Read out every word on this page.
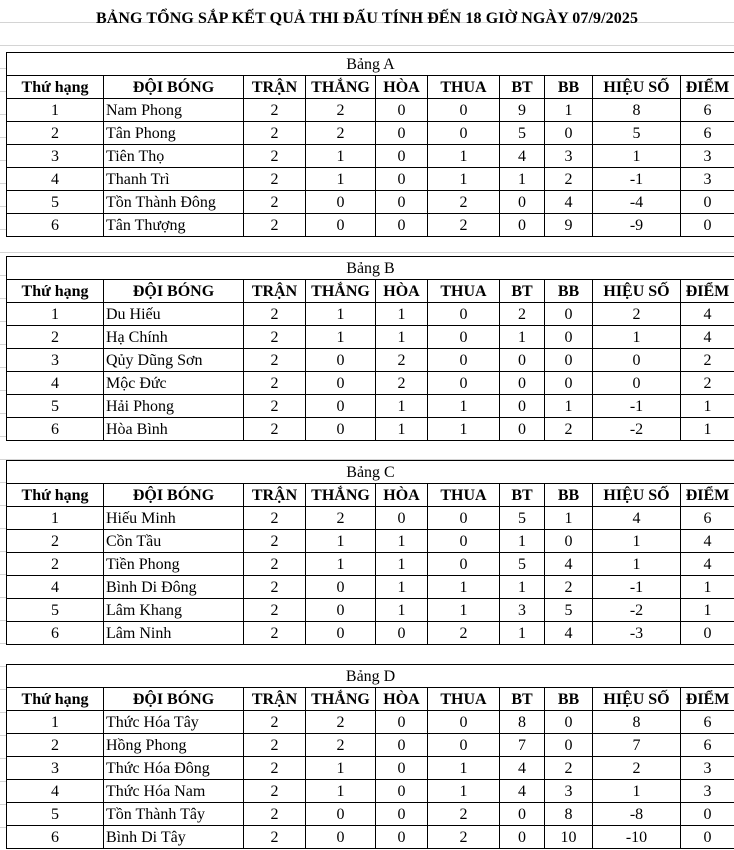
BẢNG TỔNG SẮP KẾT QUẢ THI ĐẤU TÍNH ĐẾN 18 GIỜ NGÀY 07/9/2025
Bảng A									
Thứ hạng	ĐỘI BÓNG	TRẬN	THẮNG	HÒA	THUA	BT	BB	HIỆU SỐ	ĐIỂM
1	Nam Phong	2	2	0	0	9	1	8	6
2	Tân Phong	2	2	0	0	5	0	5	6
3	Tiên Thọ	2	1	0	1	4	3	1	3
4	Thanh Trì	2	1	0	1	1	2	-1	3
5	Tồn Thành Đông	2	0	0	2	0	4	-4	0
6	Tân Thượng	2	0	0	2	0	9	-9	0
Bảng B									
Thứ hạng	ĐỘI BÓNG	TRẬN	THẮNG	HÒA	THUA	BT	BB	HIỆU SỐ	ĐIỂM
1	Du Hiếu	2	1	1	0	2	0	2	4
2	Hạ Chính	2	1	1	0	1	0	1	4
3	Qủy Dũng Sơn	2	0	2	0	0	0	0	2
4	Mộc Đức	2	0	2	0	0	0	0	2
5	Hải Phong	2	0	1	1	0	1	-1	1
6	Hòa Bình	2	0	1	1	0	2	-2	1
Bảng C									
Thứ hạng	ĐỘI BÓNG	TRẬN	THẮNG	HÒA	THUA	BT	BB	HIỆU SỐ	ĐIỂM
1	Hiếu Minh	2	2	0	0	5	1	4	6
2	Cồn Tầu	2	1	1	0	1	0	1	4
2	Tiền Phong	2	1	1	0	5	4	1	4
4	Bình Di Đông	2	0	1	1	1	2	-1	1
5	Lâm Khang	2	0	1	1	3	5	-2	1
6	Lâm Ninh	2	0	0	2	1	4	-3	0
Bảng D									
Thứ hạng	ĐỘI BÓNG	TRẬN	THẮNG	HÒA	THUA	BT	BB	HIỆU SỐ	ĐIỂM
1	Thức Hóa Tây	2	2	0	0	8	0	8	6
2	Hồng Phong	2	2	0	0	7	0	7	6
3	Thức Hóa Đông	2	1	0	1	4	2	2	3
4	Thức Hóa Nam	2	1	0	1	4	3	1	3
5	Tồn Thành Tây	2	0	0	2	0	8	-8	0
6	Bình Di Tây	2	0	0	2	0	10	-10	0
